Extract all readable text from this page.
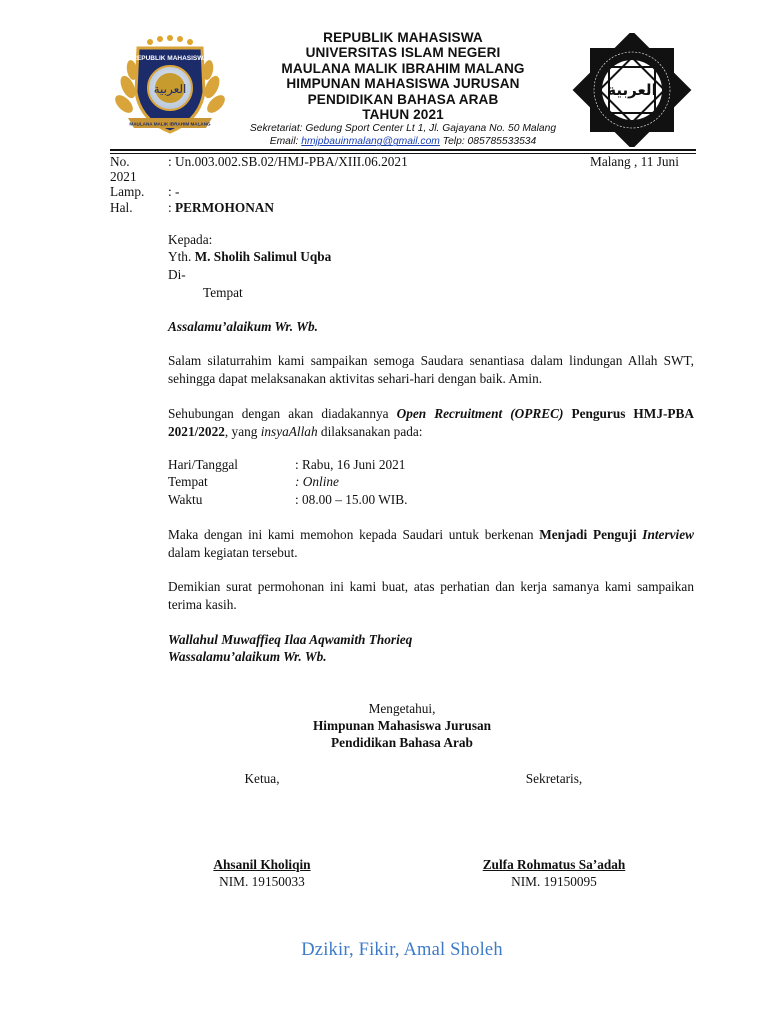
REPUBLIK MAHASISWA
العربية
MAULANA MALIK IBRAHIM MALANG
REPUBLIK MAHASISWA
UNIVERSITAS ISLAM NEGERI
MAULANA MALIK IBRAHIM MALANG
HIMPUNAN MAHASISWA JURUSAN
PENDIDIKAN BAHASA ARAB
TAHUN 2021
Sekretariat: Gedung Sport Center Lt 1, Jl. Gajayana No. 50 Malang
Email: hmjpbauinmalang@gmail.com Telp: 085785533534
العربية
No.	: Un.003.002.SB.02/HMJ-PBA/XIII.06.2021	Malang , 11 Juni
2021
Lamp. : -
Hal.	: PERMOHONAN
Kepada:
Yth. M. Sholih Salimul Uqba
Di-
Tempat
Assalamu’alaikum Wr. Wb.
Salam silaturrahim kami sampaikan semoga Saudara senantiasa dalam lindungan Allah SWT, sehingga dapat melaksanakan aktivitas sehari-hari dengan baik. Amin.
Sehubungan dengan akan diadakannya Open Recruitment (OPREC) Pengurus HMJ-PBA 2021/2022, yang insyaAllah dilaksanakan pada:
Hari/Tanggal	: Rabu, 16 Juni 2021
Tempat	: Online
Waktu	: 08.00 – 15.00 WIB.
Maka dengan ini kami memohon kepada Saudari untuk berkenan Menjadi Penguji Interview dalam kegiatan tersebut.
Demikian surat permohonan ini kami buat, atas perhatian dan kerja samanya kami sampaikan terima kasih.
Wallahul Muwaffieq Ilaa Aqwamith Thorieq
Wassalamu’alaikum Wr. Wb.
Mengetahui,
Himpunan Mahasiswa Jurusan
Pendidikan Bahasa Arab
Ketua,	Sekretaris,
Ahsanil Kholiqin
NIM. 19150033
Zulfa Rohmatus Sa’adah
NIM. 19150095
Dzikir, Fikir, Amal Sholeh
